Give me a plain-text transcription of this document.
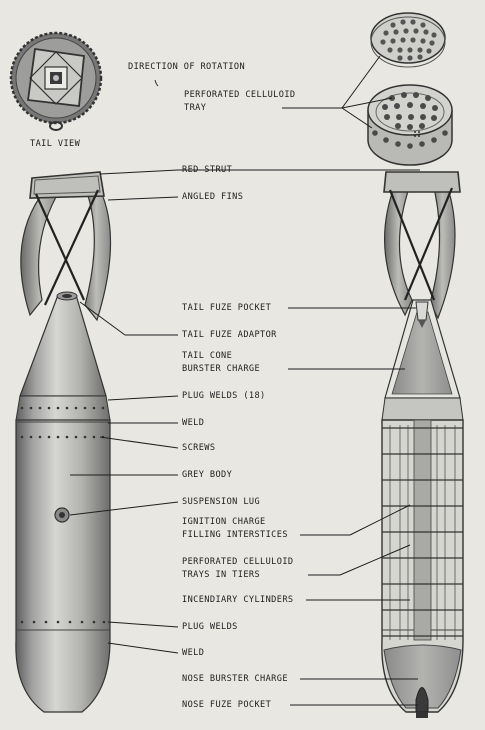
TAIL VIEW
DIRECTION OF ROTATION
PERFORATED CELLULOID
TRAY
RED STRUT
ANGLED FINS
TAIL FUZE POCKET
TAIL FUZE ADAPTOR
TAIL CONE
BURSTER CHARGE
PLUG WELDS (18)
WELD
SCREWS
GREY BODY
SUSPENSION LUG
IGNITION CHARGE
FILLING INTERSTICES
PERFORATED CELLULOID
TRAYS IN TIERS
INCENDIARY CYLINDERS
PLUG WELDS
WELD
NOSE BURSTER CHARGE
NOSE FUZE POCKET
